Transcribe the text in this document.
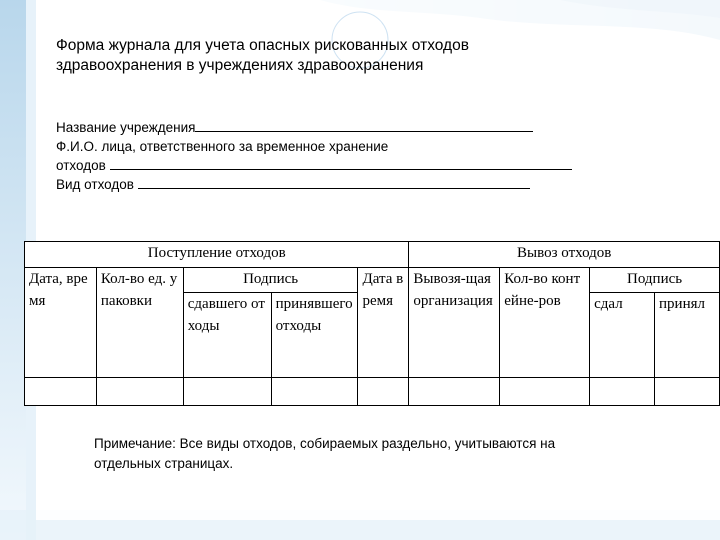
Форма журнала для учета опасных рискованных отходов
здравоохранения в учреждениях здравоохранения
Название учреждения
Ф.И.О. лица, ответственного за временное хранение
отходов
Вид отходов
Поступление отходов					Вывоз отходов			
Дата, время	Кол-во ед. упаковки	Подпись		Дата время	Вывозя-щая организация	Кол-во контейне-ров	Подпись	
		сдавшего отходы	принявшего отходы				сдал	принял

Примечание: Все виды отходов, собираемых раздельно, учитываются на
отдельных страницах.
